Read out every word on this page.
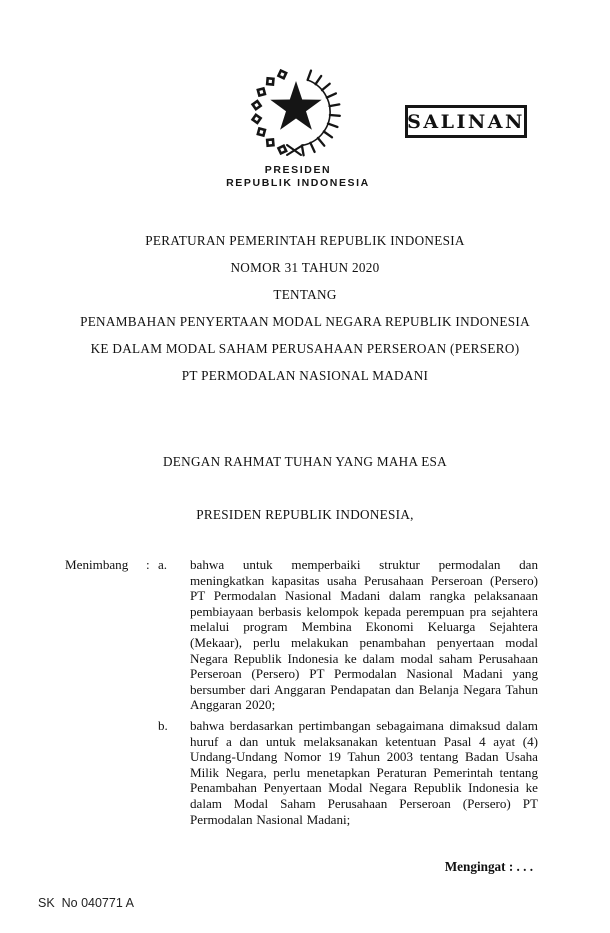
PRESIDEN
REPUBLIK INDONESIA
SALINAN
PERATURAN PEMERINTAH REPUBLIK INDONESIA
NOMOR 31 TAHUN 2020
TENTANG
PENAMBAHAN PENYERTAAN MODAL NEGARA REPUBLIK INDONESIA
KE DALAM MODAL SAHAM PERUSAHAAN PERSEROAN (PERSERO)
PT PERMODALAN NASIONAL MADANI
DENGAN RAHMAT TUHAN YANG MAHA ESA
PRESIDEN REPUBLIK INDONESIA,
Menimbang	: a.	bahwa untuk memperbaiki struktur permodalan dan meningkatkan kapasitas usaha Perusahaan Perseroan (Persero) PT Permodalan Nasional Madani dalam rangka pelaksanaan pembiayaan berbasis kelompok kepada perempuan pra sejahtera melalui program Membina Ekonomi Keluarga Sejahtera (Mekaar), perlu melakukan penambahan penyertaan modal Negara Republik Indonesia ke dalam modal saham Perusahaan Perseroan (Persero) PT Permodalan Nasional Madani yang bersumber dari Anggaran Pendapatan dan Belanja Negara Tahun Anggaran 2020;
b.	bahwa berdasarkan pertimbangan sebagaimana dimaksud dalam huruf a dan untuk melaksanakan ketentuan Pasal 4 ayat (4) Undang-Undang Nomor 19 Tahun 2003 tentang Badan Usaha Milik Negara, perlu menetapkan Peraturan Pemerintah tentang Penambahan Penyertaan Modal Negara Republik Indonesia ke dalam Modal Saham Perusahaan Perseroan (Persero) PT Permodalan Nasional Madani;
Mengingat : . . .
SK  No 040771 A
